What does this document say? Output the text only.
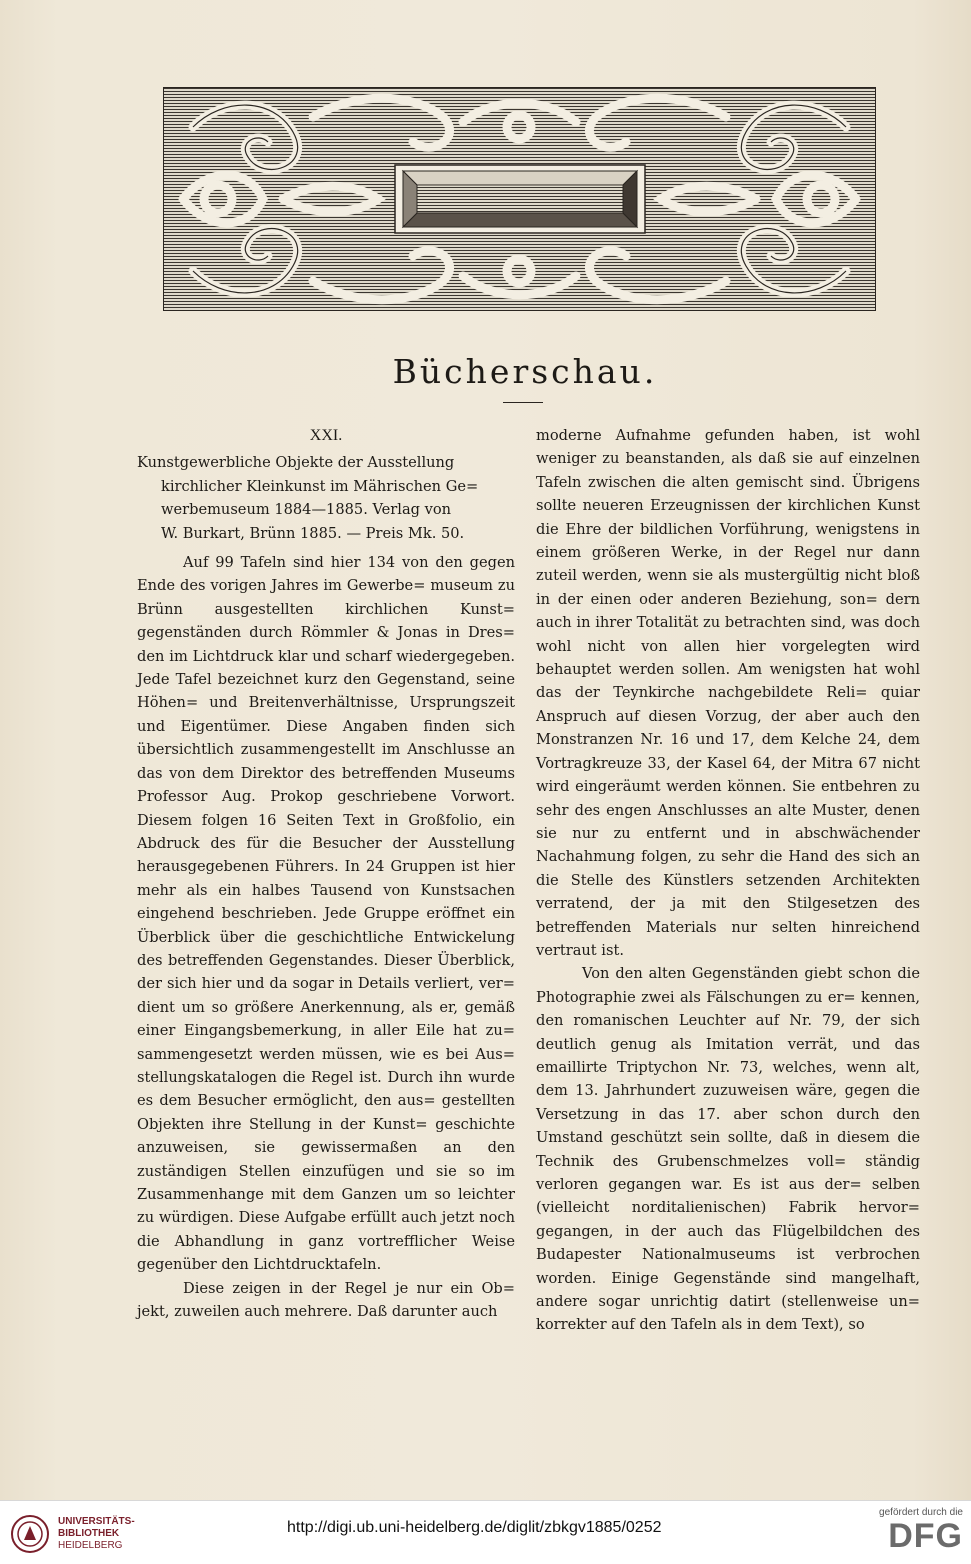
Bücherschau.

XXI.

Kunstgewerbliche Objekte der Ausstellung

kirchlicher Kleinkunst im Mährischen Ge=

werbemuseum 1884—1885. Verlag von

W. Burkart, Brünn 1885. — Preis Mk. 50.

Auf 99 Tafeln sind hier 134 von den gegen Ende des vorigen Jahres im Gewerbe= museum zu Brünn ausgestellten kirchlichen Kunst= gegenständen durch Römmler & Jonas in Dres= den im Lichtdruck klar und scharf wiedergegeben. Jede Tafel bezeichnet kurz den Gegenstand, seine Höhen= und Breitenverhältnisse, Ursprungszeit und Eigentümer. Diese Angaben finden sich übersichtlich zusammengestellt im Anschlusse an das von dem Direktor des betreffenden Museums Professor Aug. Prokop geschriebene Vorwort. Diesem folgen 16 Seiten Text in Großfolio, ein Abdruck des für die Besucher der Ausstellung herausgegebenen Führers. In 24 Gruppen ist hier mehr als ein halbes Tausend von Kunstsachen eingehend beschrieben. Jede Gruppe eröffnet ein Überblick über die geschichtliche Entwickelung des betreffenden Gegenstandes. Dieser Überblick, der sich hier und da sogar in Details verliert, ver= dient um so größere Anerkennung, als er, gemäß einer Eingangsbemerkung, in aller Eile hat zu= sammengesetzt werden müssen, wie es bei Aus= stellungskatalogen die Regel ist. Durch ihn wurde es dem Besucher ermöglicht, den aus= gestellten Objekten ihre Stellung in der Kunst= geschichte anzuweisen, sie gewissermaßen an den zuständigen Stellen einzufügen und sie so im Zusammenhange mit dem Ganzen um so leichter zu würdigen. Diese Aufgabe erfüllt auch jetzt noch die Abhandlung in ganz vortrefflicher Weise gegenüber den Lichtdrucktafeln.

Diese zeigen in der Regel je nur ein Ob= jekt, zuweilen auch mehrere. Daß darunter auch

moderne Aufnahme gefunden haben, ist wohl weniger zu beanstanden, als daß sie auf einzelnen Tafeln zwischen die alten gemischt sind. Übrigens sollte neueren Erzeugnissen der kirchlichen Kunst die Ehre der bildlichen Vorführung, wenigstens in einem größeren Werke, in der Regel nur dann zuteil werden, wenn sie als mustergültig nicht bloß in der einen oder anderen Beziehung, son= dern auch in ihrer Totalität zu betrachten sind, was doch wohl nicht von allen hier vorgelegten wird behauptet werden sollen. Am wenigsten hat wohl das der Teynkirche nachgebildete Reli= quiar Anspruch auf diesen Vorzug, der aber auch den Monstranzen Nr. 16 und 17, dem Kelche 24, dem Vortragkreuze 33, der Kasel 64, der Mitra 67 nicht wird eingeräumt werden können. Sie entbehren zu sehr des engen Anschlusses an alte Muster, denen sie nur zu entfernt und in abschwächender Nachahmung folgen, zu sehr die Hand des sich an die Stelle des Künstlers setzenden Architekten verratend, der ja mit den Stilgesetzen des betreffenden Materials nur selten hinreichend vertraut ist.

Von den alten Gegenständen giebt schon die Photographie zwei als Fälschungen zu er= kennen, den romanischen Leuchter auf Nr. 79, der sich deutlich genug als Imitation verrät, und das emaillirte Triptychon Nr. 73, welches, wenn alt, dem 13. Jahrhundert zuzuweisen wäre, gegen die Versetzung in das 17. aber schon durch den Umstand geschützt sein sollte, daß in diesem die Technik des Grubenschmelzes voll= ständig verloren gegangen war. Es ist aus der= selben (vielleicht norditalienischen) Fabrik hervor= gegangen, in der auch das Flügelbildchen des Budapester Nationalmuseums ist verbrochen worden. Einige Gegenstände sind mangelhaft, andere sogar unrichtig datirt (stellenweise un= korrekter auf den Tafeln als in dem Text), so

UNIVERSITÄTS-
BIBLIOTHEK
HEIDELBERG
http://digi.ub.uni-heidelberg.de/diglit/zbkgv1885/0252
gefördert durch die
DFG
